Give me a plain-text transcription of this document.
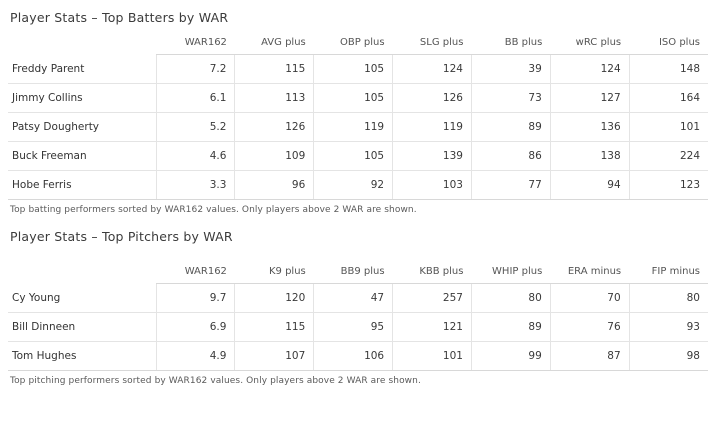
Player Stats – Top Batters by WAR
	WAR162	AVG plus	OBP plus	SLG plus	BB plus	wRC plus	ISO plus
Freddy Parent	7.2	115	105	124	39	124	148
Jimmy Collins	6.1	113	105	126	73	127	164
Patsy Dougherty	5.2	126	119	119	89	136	101
Buck Freeman	4.6	109	105	139	86	138	224
Hobe Ferris	3.3	96	92	103	77	94	123
Top batting performers sorted by WAR162 values. Only players above 2 WAR are shown.
Player Stats – Top Pitchers by WAR
	WAR162	K9 plus	BB9 plus	KBB plus	WHIP plus	ERA minus	FIP minus
Cy Young	9.7	120	47	257	80	70	80
Bill Dinneen	6.9	115	95	121	89	76	93
Tom Hughes	4.9	107	106	101	99	87	98
Top pitching performers sorted by WAR162 values. Only players above 2 WAR are shown.
